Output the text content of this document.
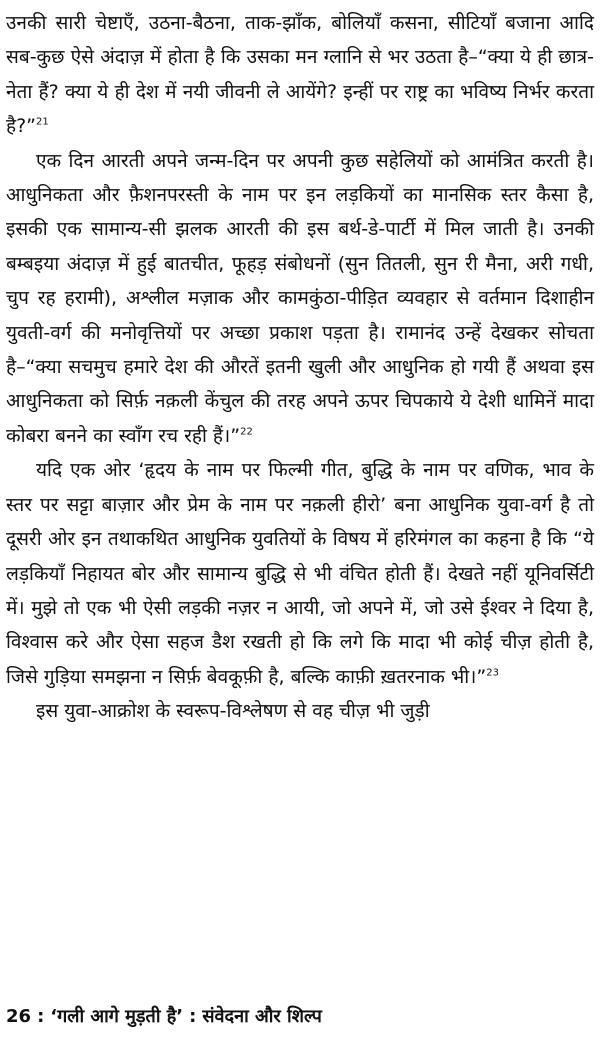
उनकी सारी चेष्टाएँ, उठना-बैठना, ताक-झाँक, बोलियाँ कसना, सीटियाँ बजाना आदि सब-कुछ ऐसे अंदाज़ में होता है कि उसका मन ग्लानि से भर उठता है–“क्या ये ही छात्र-नेता हैं? क्या ये ही देश में नयी जीवनी ले आयेंगे? इन्हीं पर राष्ट्र का भविष्य निर्भर करता है?”$^{21}$

एक दिन आरती अपने जन्म-दिन पर अपनी कुछ सहेलियों को आमंत्रित करती है। आधुनिकता और फ़ैशनपरस्ती के नाम पर इन लड़कियों का मानसिक स्तर कैसा है, इसकी एक सामान्य-सी झलक आरती की इस बर्थ-डे-पार्टी में मिल जाती है। उनकी बम्बइया अंदाज़ में हुई बातचीत, फूहड़ संबोधनों (सुन तितली, सुन री मैना, अरी गधी, चुप रह हरामी), अश्लील मज़ाक और कामकुंठा-पीड़ित व्यवहार से वर्तमान दिशाहीन युवती-वर्ग की मनोवृत्तियों पर अच्छा प्रकाश पड़ता है। रामानंद उन्हें देखकर सोचता है–“क्या सचमुच हमारे देश की औरतें इतनी खुली और आधुनिक हो गयी हैं अथवा इस आधुनिकता को सिर्फ़ नक़ली केंचुल की तरह अपने ऊपर चिपकाये ये देशी धामिनें मादा कोबरा बनने का स्वाँग रच रही हैं।”$^{22}$

यदि एक ओर ‘हृदय के नाम पर फिल्मी गीत, बुद्धि के नाम पर वणिक, भाव के स्तर पर सट्टा बाज़ार और प्रेम के नाम पर नक़ली हीरो’ बना आधुनिक युवा-वर्ग है तो दूसरी ओर इन तथाकथित आधुनिक युवतियों के विषय में हरिमंगल का कहना है कि “ये लड़कियाँ निहायत बोर और सामान्य बुद्धि से भी वंचित होती हैं। देखते नहीं यूनिवर्सिटी में। मुझे तो एक भी ऐसी लड़की नज़र न आयी, जो अपने में, जो उसे ईश्वर ने दिया है, विश्वास करे और ऐसा सहज डैश रखती हो कि लगे कि मादा भी कोई चीज़ होती है, जिसे गुड़िया समझना न सिर्फ़ बेवकूफ़ी है, बल्कि काफ़ी ख़तरनाक भी।”$^{23}$

इस युवा-आक्रोश के स्वरूप-विश्लेषण से वह चीज़ भी जुड़ी

26 : ‘गली आगे मुड़ती है’ : संवेदना और शिल्प
